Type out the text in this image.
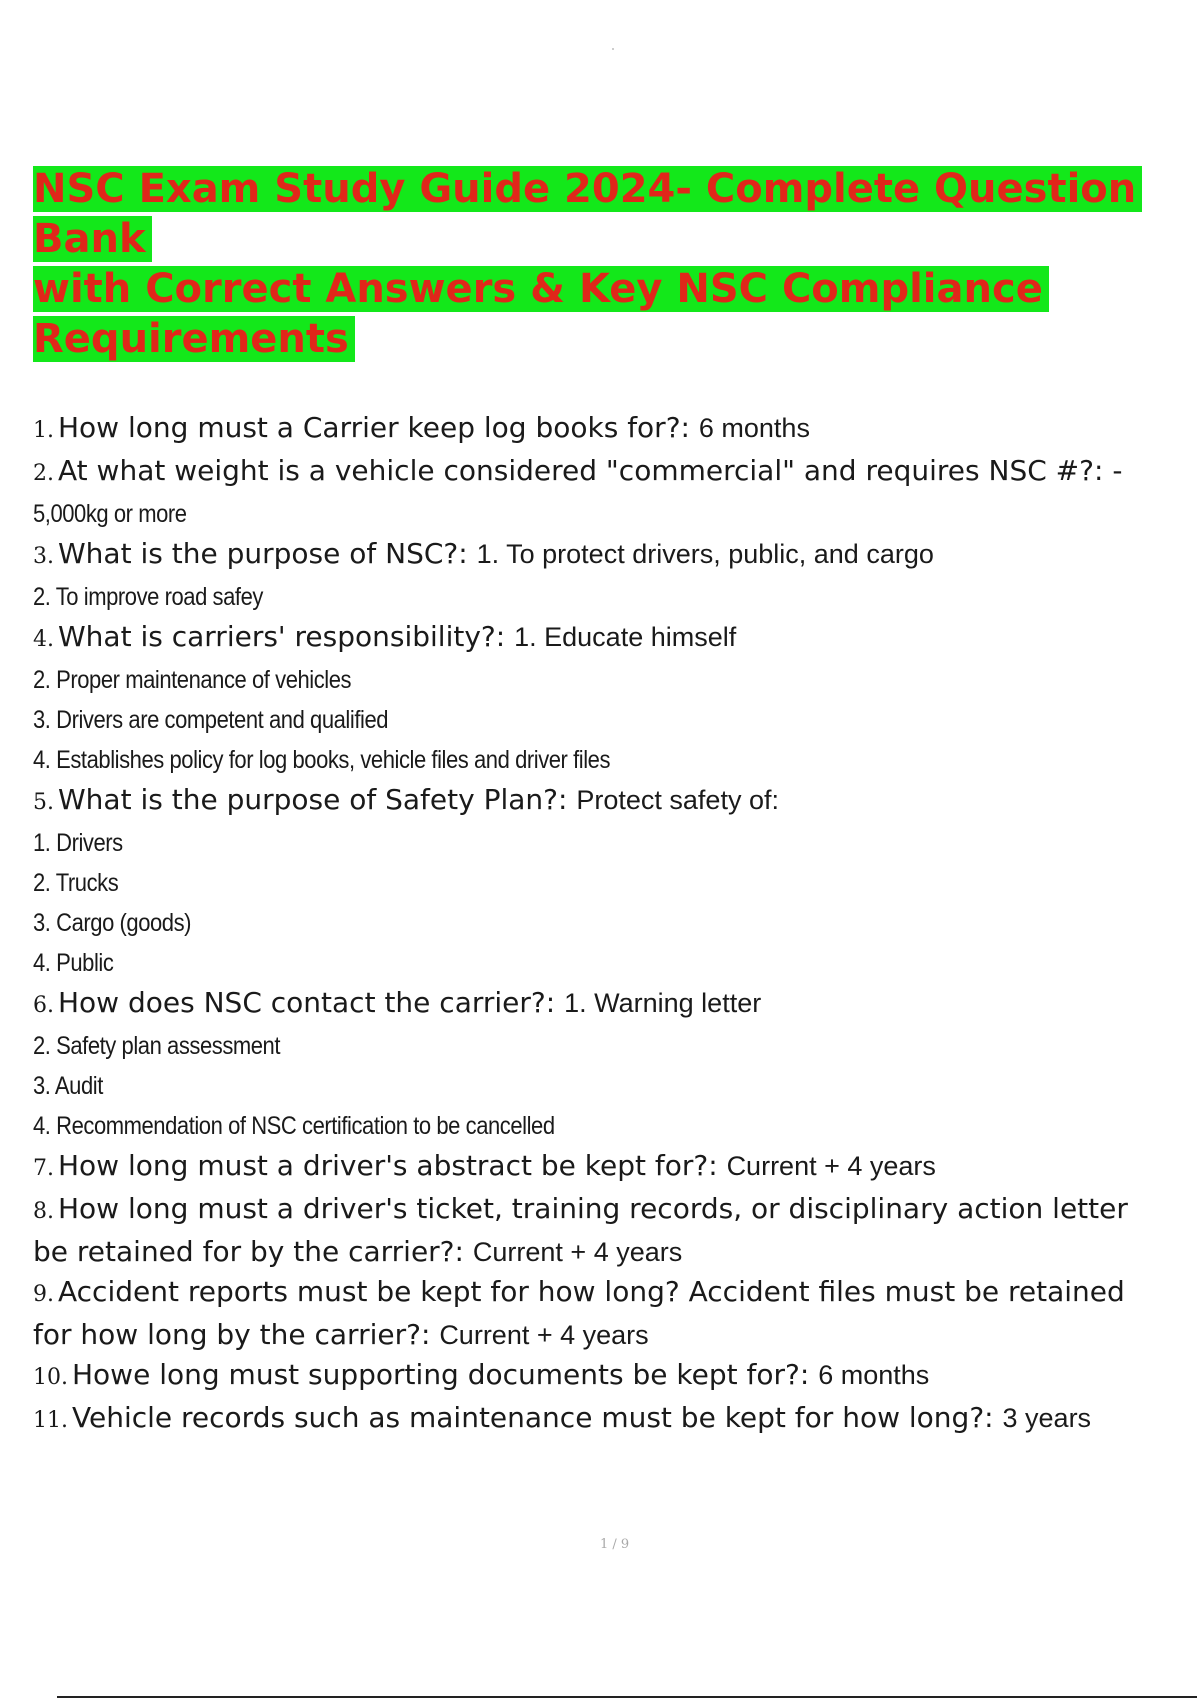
NSC Exam Study Guide 2024- Complete Question Bank
with Correct Answers & Key NSC Compliance
Requirements

1. How long must a Carrier keep log books for?: 6 months

2. At what weight is a vehicle considered "commercial" and requires NSC #?: -

5,000kg or more

3. What is the purpose of NSC?: 1. To protect drivers, public, and cargo

2. To improve road safey

4. What is carriers' responsibility?: 1. Educate himself

2. Proper maintenance of vehicles

3. Drivers are competent and qualified

4. Establishes policy for log books, vehicle files and driver files

5. What is the purpose of Safety Plan?: Protect safety of:

1. Drivers

2. Trucks

3. Cargo (goods)

4. Public

6. How does NSC contact the carrier?: 1. Warning letter

2. Safety plan assessment

3. Audit

4. Recommendation of NSC certification to be cancelled

7. How long must a driver's abstract be kept for?: Current + 4 years

8. How long must a driver's ticket, training records, or disciplinary action letter

be retained for by the carrier?: Current + 4 years

9. Accident reports must be kept for how long? Accident files must be retained

for how long by the carrier?: Current + 4 years

10. Howe long must supporting documents be kept for?: 6 months

11. Vehicle records such as maintenance must be kept for how long?: 3 years

1 / 9
